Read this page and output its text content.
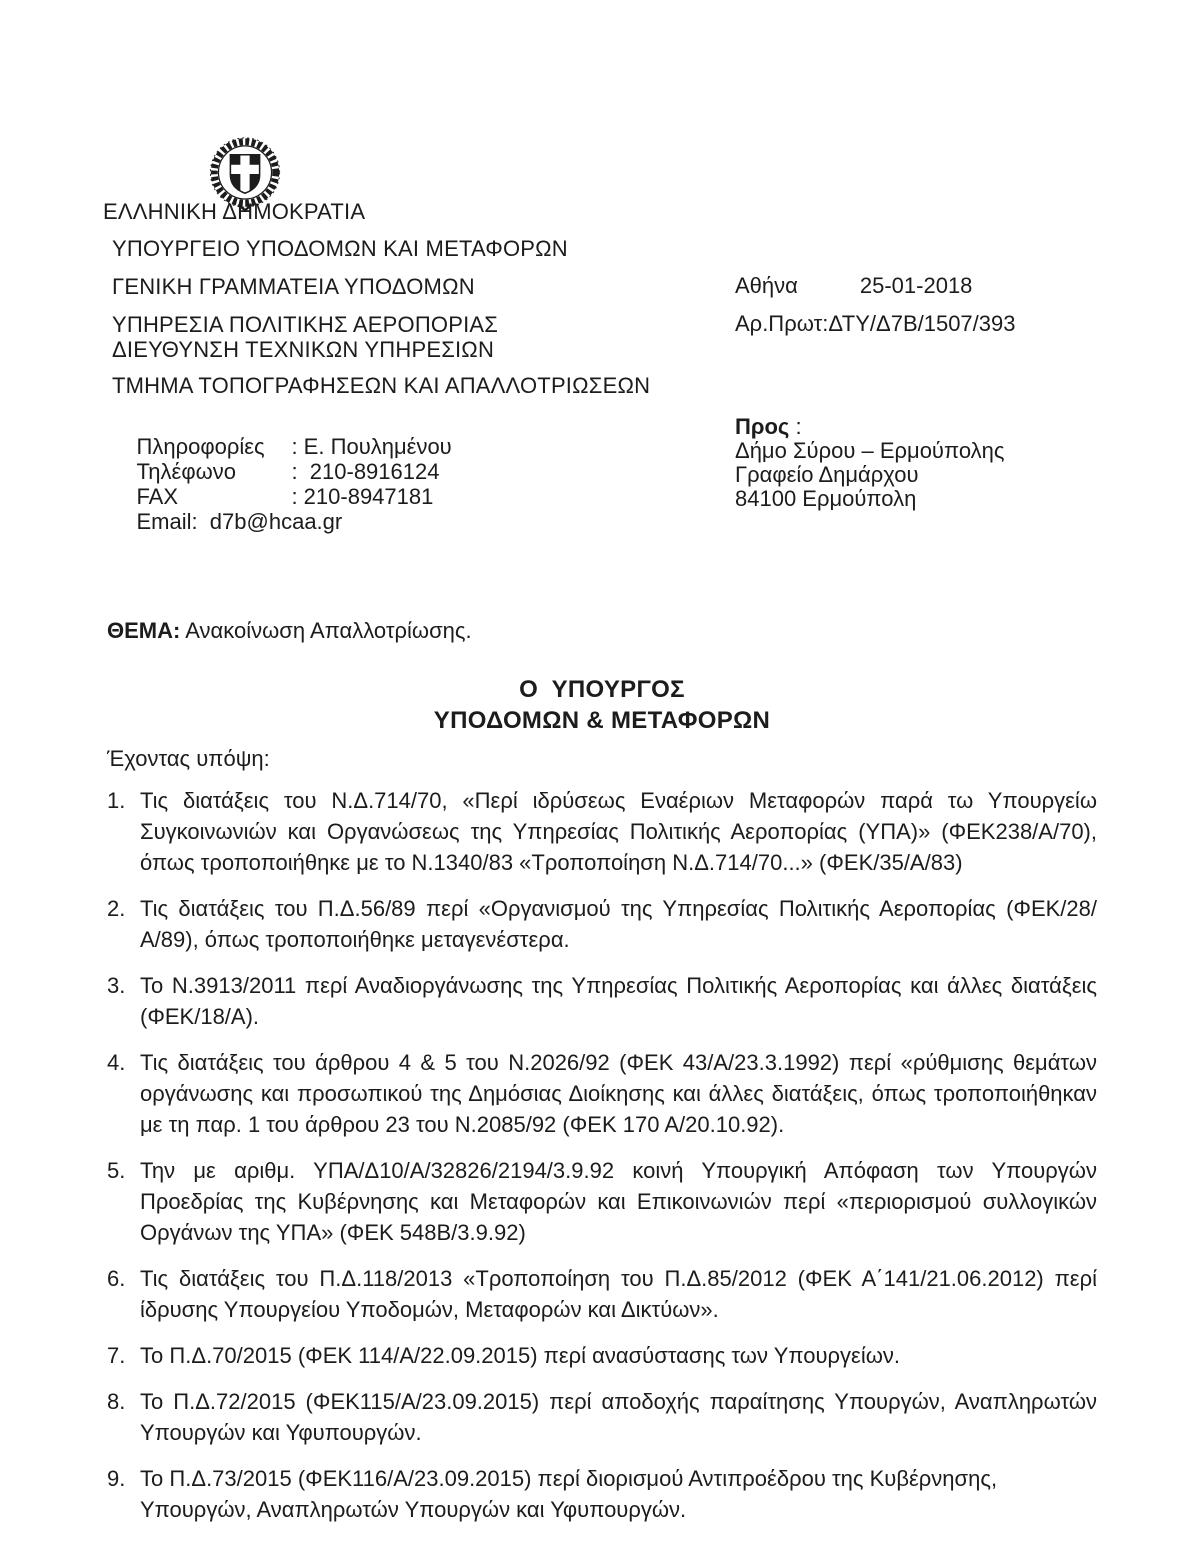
ΕΛΛΗΝΙΚΗ ΔΗΜΟΚΡΑΤΙΑ
ΥΠΟΥΡΓΕΙΟ ΥΠΟΔΟΜΩΝ ΚΑΙ ΜΕΤΑΦΟΡΩΝ
ΓΕΝΙΚΗ ΓΡΑΜΜΑΤΕΙΑ ΥΠΟΔΟΜΩΝ
ΥΠΗΡΕΣΙΑ ΠΟΛΙΤΙΚΗΣ ΑΕΡΟΠΟΡΙΑΣ
ΔΙΕΥΘΥΝΣΗ ΤΕΧΝΙΚΩΝ ΥΠΗΡΕΣΙΩΝ
ΤΜΗΜΑ ΤΟΠΟΓΡΑΦΗΣΕΩΝ ΚΑΙ ΑΠΑΛΛΟΤΡΙΩΣΕΩΝ

Πληροφορίες : Ε. Πουλημένου

Τηλέφωνο	:  210-8916124

FAX	: 210-8947181

Email:  d7b@hcaa.gr

Αθήνα	25-01-2018
Αρ.Πρωτ:ΔΤΥ/Δ7Β/1507/393
Προς :
Δήμο Σύρου – Ερμούπολης
Γραφείο Δημάρχου
84100 Ερμούπολη
ΘΕΜΑ: Ανακοίνωση Απαλλοτρίωσης.
Ο  ΥΠΟΥΡΓΟΣ
ΥΠΟΔΟΜΩΝ & ΜΕΤΑΦΟΡΩΝ
Έχοντας υπόψη:
1. Τις διατάξεις του Ν.Δ.714/70, «Περί ιδρύσεως Εναέριων Μεταφορών παρά τω Υπουργείω Συγκοινωνιών και Οργανώσεως της Υπηρεσίας Πολιτικής Αεροπορίας (ΥΠΑ)» (ΦΕΚ238/Α/70), όπως τροποποιήθηκε με το Ν.1340/83 «Τροποποίηση Ν.Δ.714/70...» (ΦΕΚ/35/Α/83)
2. Τις διατάξεις του Π.Δ.56/89 περί «Οργανισμού της Υπηρεσίας Πολιτικής Αεροπορίας (ΦΕΚ/28/Α/89), όπως τροποποιήθηκε μεταγενέστερα.
3. Το Ν.3913/2011 περί Αναδιοργάνωσης της Υπηρεσίας Πολιτικής Αεροπορίας και άλλες διατάξεις (ΦΕΚ/18/Α).
4. Τις διατάξεις του άρθρου 4 & 5 του Ν.2026/92 (ΦΕΚ 43/Α/23.3.1992) περί «ρύθμισης θεμάτων οργάνωσης και προσωπικού της Δημόσιας Διοίκησης και άλλες διατάξεις, όπως τροποποιήθηκαν με τη παρ. 1 του άρθρου 23 του Ν.2085/92 (ΦΕΚ 170 Α/20.10.92).
5. Την με αριθμ. ΥΠΑ/Δ10/Α/32826/2194/3.9.92 κοινή Υπουργική Απόφαση των Υπουργών Προεδρίας της Κυβέρνησης και Μεταφορών και Επικοινωνιών περί «περιορισμού συλλογικών Οργάνων της ΥΠΑ» (ΦΕΚ 548Β/3.9.92)
6. Τις διατάξεις του Π.Δ.118/2013 «Τροποποίηση του Π.Δ.85/2012 (ΦΕΚ Α΄141/21.06.2012) περί ίδρυσης Υπουργείου Υποδομών, Μεταφορών και Δικτύων».
7. Το Π.Δ.70/2015 (ΦΕΚ 114/Α/22.09.2015) περί ανασύστασης των Υπουργείων.
8. Το Π.Δ.72/2015 (ΦΕΚ115/Α/23.09.2015) περί αποδοχής παραίτησης Υπουργών, Αναπληρωτών Υπουργών και Υφυπουργών.
9. Το Π.Δ.73/2015 (ΦΕΚ116/Α/23.09.2015) περί διορισμού Αντιπροέδρου της Κυβέρνησης, Υπουργών, Αναπληρωτών Υπουργών και Υφυπουργών.
